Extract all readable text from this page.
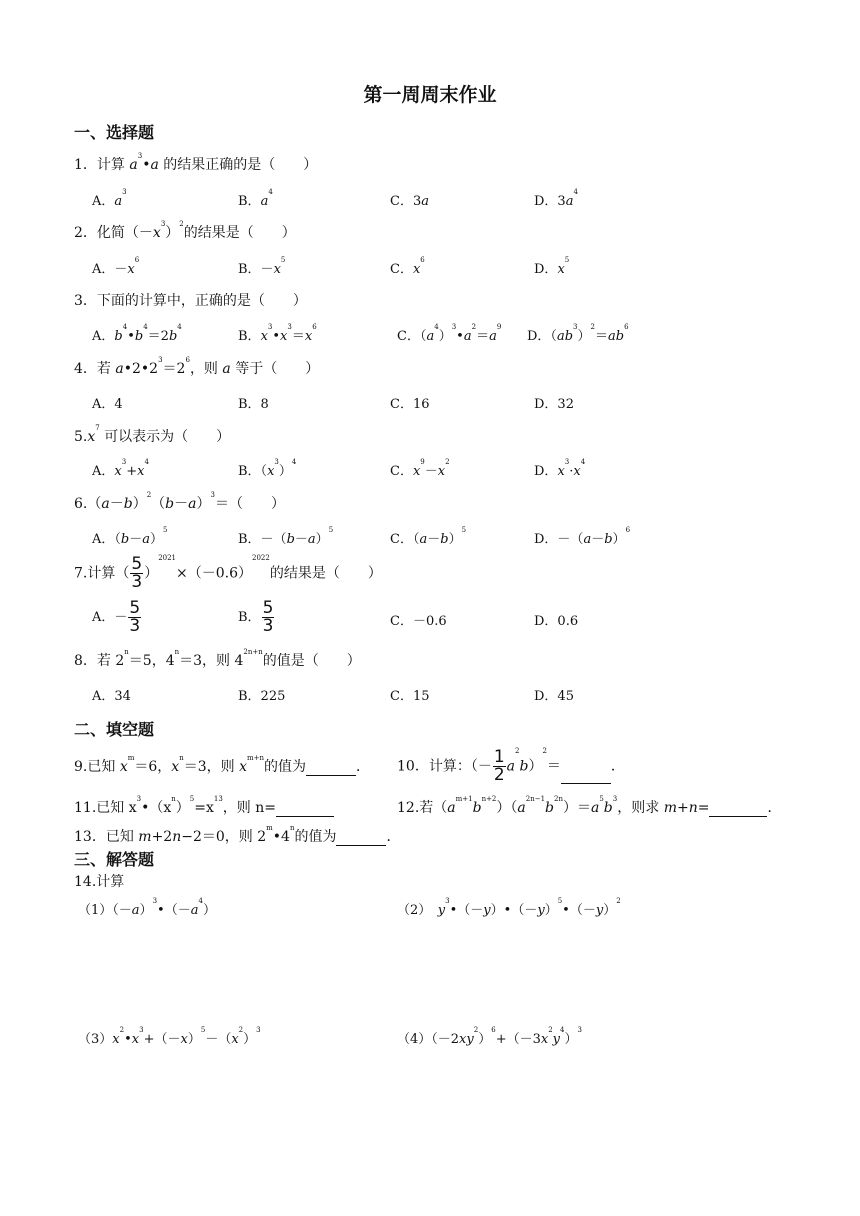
第一周周末作业
一、选择题
1．计算 $a^3•a$ 的结果正确的是（　　）
A．$a^3$
B．$a^4$
C．3a	D．$3a^4$
2．化简$(-x^3)^2$的结果是（　　）
A．$-x^6$
B．$-x^5$
C．$x^6$
D．$x^5$
3．下面的计算中，正确的是（　　）
A．$b^4•b^4=2b^4$
B．$x^3•x^3=x^6$
C．$(a^4)^3•a^2=a^9$
D．$(ab^3)^2=ab^6$
4．若 $a•2•2^3=2^6$，则 a 等于（　　）
A．4	B．8	C．16	D．32
$5.x^7$ 可以表示为（　　）
A．$x^3+x^4$
B．$(x^3)^4$
C．$x^9-x^2$
D．$x^3\cdot x^4$
$6.(a-b)^2(b-a)^3=$（　　）
A．$(b-a)^5$
B．$-(b-a)^5$
C．$(a-b)^5$
D．$-(a-b)^6$
7.计算（ $\frac{5}{3} )^{2021}\times(-0.6)^{2022}$的结果是（　　）
A．－ $\frac{5}{3}$	B． $\frac{5}{3}$	C．－0.6	D．0.6
8．若 $2^n=5$，$4^n=3$，则 $4^{2n+n}$的值是（　　）
A．34	B．225	C．15	D．45
二、填空题
9.已知 $x^m=6$，$x^n=3$，则 $x^{m+n}$的值为	． 10．计算：（－ $\frac{1}{2} a^2b)^2=$	．
11.已知 $x^3•(x^n)^5=x^{13}$，则 n=	12.若$(a^{m+1}b^{n+2})(a^{2n-1}b^{2n})=a^5b^3$，则求 m+n=	．
13．已知 m+2n−2＝0，则 2$^m$•4$^n$的值为	．
三、解答题
14.计算
$(1)(-a)^3•(-a^4)$	（2）　 $y^3•(-y)•(-y)^5•(-y)^2$
$(3)x^2•x^3+(-x)^5-(x^2)^3$
$(4)(-2xy^2)^6+(-3x^2y^4)^3$
